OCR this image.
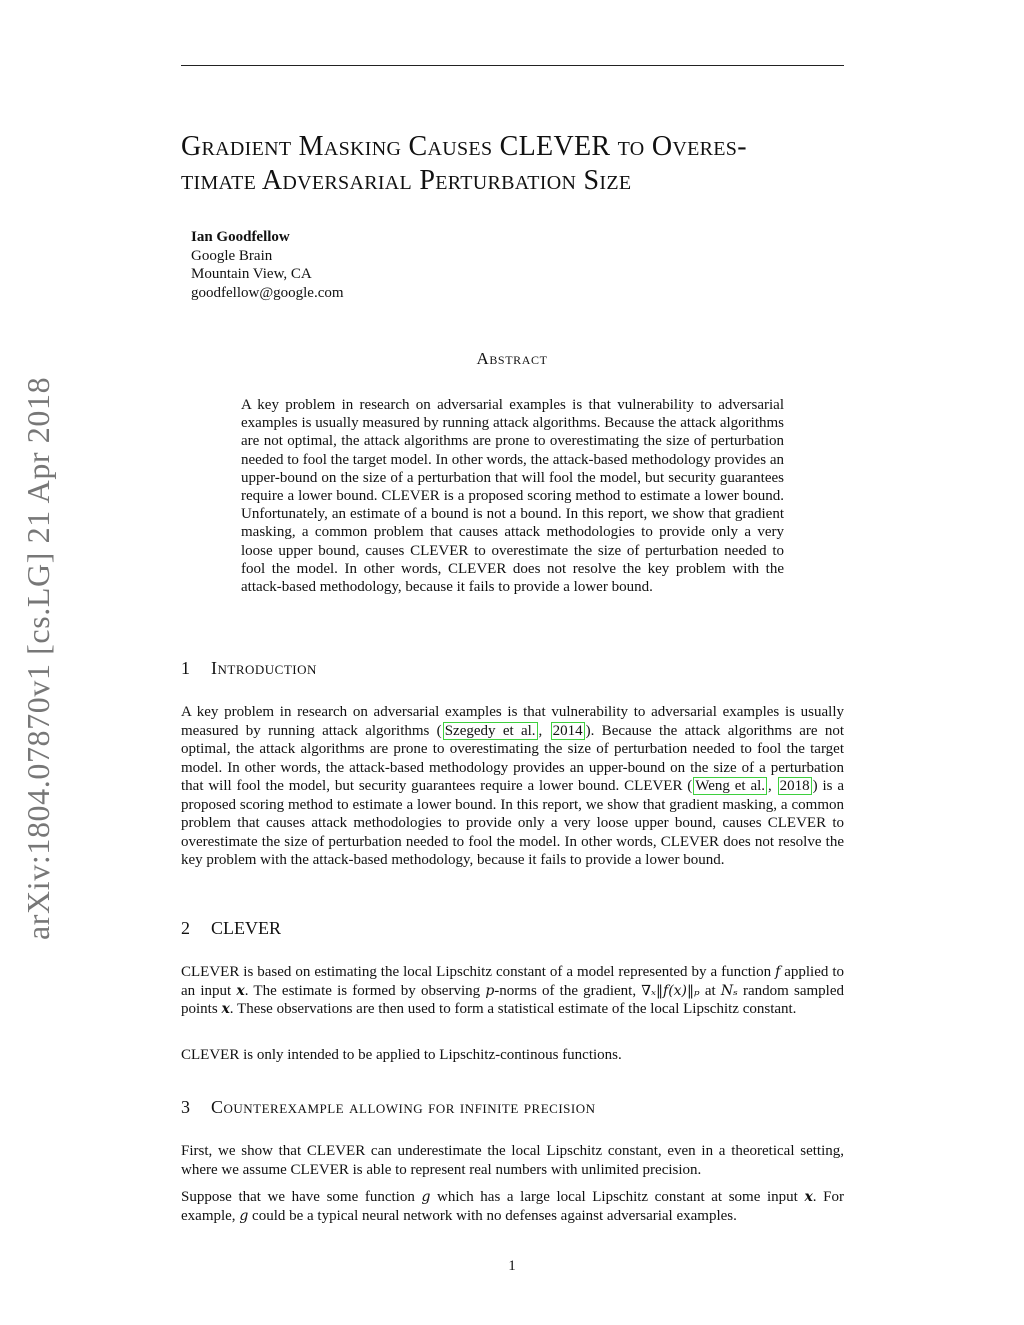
arXiv:1804.07870v1 [cs.LG] 21 Apr 2018
Gradient Masking Causes CLEVER to Overes-
timate Adversarial Perturbation Size
Ian Goodfellow
Google Brain
Mountain View, CA
goodfellow@google.com
Abstract

A key problem in research on adversarial examples is that vulnerability to adversarial examples is usually measured by running attack algorithms. Because the attack algorithms are not optimal, the attack algorithms are prone to overestimating the size of perturbation needed to fool the target model. In other words, the attack-based methodology provides an upper-bound on the size of a perturbation that will fool the model, but security guarantees require a lower bound. CLEVER is a proposed scoring method to estimate a lower bound. Unfortunately, an estimate of a bound is not a bound. In this report, we show that gradient masking, a common problem that causes attack methodologies to provide only a very loose upper bound, causes CLEVER to overestimate the size of perturbation needed to fool the model. In other words, CLEVER does not resolve the key problem with the attack-based methodology, because it fails to provide a lower bound.

1 Introduction

A key problem in research on adversarial examples is that vulnerability to adversarial examples is usually measured by running attack algorithms ( Szegedy et al. , 2014 ). Because the attack algorithms are not optimal, the attack algorithms are prone to overestimating the size of perturbation needed to fool the target model. In other words, the attack-based methodology provides an upper-bound on the size of a perturbation that will fool the model, but security guarantees require a lower bound. CLEVER ( Weng et al. , 2018 ) is a proposed scoring method to estimate a lower bound. In this report, we show that gradient masking, a common problem that causes attack methodologies to provide only a very loose upper bound, causes CLEVER to overestimate the size of perturbation needed to fool the model. In other words, CLEVER does not resolve the key problem with the attack-based methodology, because it fails to provide a lower bound.

2 CLEVER

CLEVER is based on estimating the local Lipschitz constant of a model represented by a function f applied to an input x. The estimate is formed by observing p-norms of the gradient, ∇ₓ‖f(x)‖ₚ at Nₛ random sampled points x. These observations are then used to form a statistical estimate of the local Lipschitz constant.

CLEVER is only intended to be applied to Lipschitz-continous functions.

3 Counterexample allowing for infinite precision

First, we show that CLEVER can underestimate the local Lipschitz constant, even in a theoretical setting, where we assume CLEVER is able to represent real numbers with unlimited precision.

Suppose that we have some function g which has a large local Lipschitz constant at some input x. For example, g could be a typical neural network with no defenses against adversarial examples.

1
